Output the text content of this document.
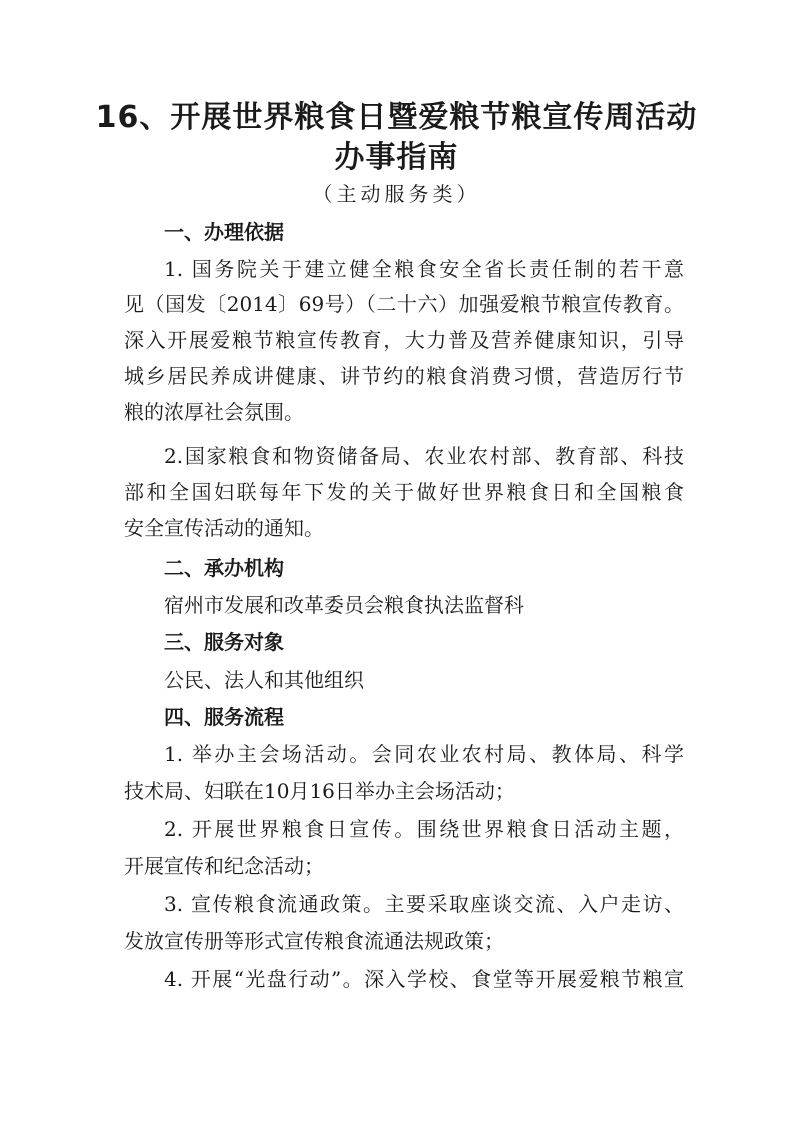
16、开展世界粮食日暨爱粮节粮宣传周活动
办事指南
（主动服务类）
一、办理依据
1. 国务院关于建立健全粮食安全省长责任制的若干意
见（国发〔2014〕69号）（二十六）加强爱粮节粮宣传教育。
深入开展爱粮节粮宣传教育，大力普及营养健康知识，引导
城乡居民养成讲健康、讲节约的粮食消费习惯，营造厉行节
粮的浓厚社会氛围。
2.国家粮食和物资储备局、农业农村部、教育部、科技
部和全国妇联每年下发的关于做好世界粮食日和全国粮食
安全宣传活动的通知。
二、承办机构
宿州市发展和改革委员会粮食执法监督科
三、服务对象
公民、法人和其他组织
四、服务流程
1. 举办主会场活动。会同农业农村局、教体局、科学
技术局、妇联在10月16日举办主会场活动；
2. 开展世界粮食日宣传。围绕世界粮食日活动主题，
开展宣传和纪念活动；
3. 宣传粮食流通政策。主要采取座谈交流、入户走访、
发放宣传册等形式宣传粮食流通法规政策；
4. 开展“光盘行动”。深入学校、食堂等开展爱粮节粮宣
